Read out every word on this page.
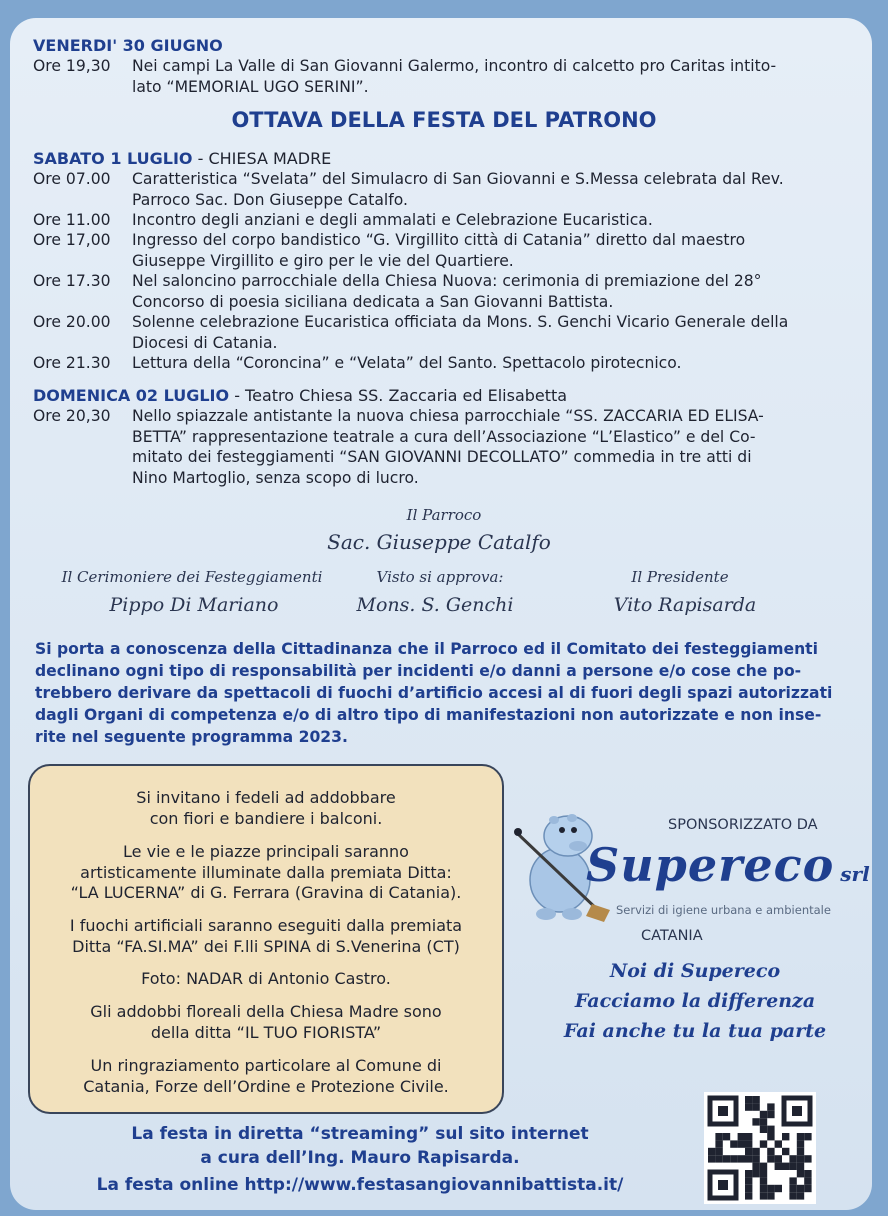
VENERDI' 30 GIUGNO
Ore 19,30	Nei campi La Valle di San Giovanni Galermo, incontro di calcetto pro Caritas intito-
lato “MEMORIAL UGO SERINI”.
OTTAVA DELLA FESTA DEL PATRONO
SABATO 1 LUGLIO - CHIESA MADRE
Ore 07.00	Caratteristica “Svelata” del Simulacro di San Giovanni e S.Messa celebrata dal Rev.
Parroco Sac. Don Giuseppe Catalfo.
Ore 11.00	Incontro degli anziani e degli ammalati e Celebrazione Eucaristica.
Ore 17,00	Ingresso del corpo bandistico “G. Virgillito città di Catania” diretto dal maestro
Giuseppe Virgillito e giro per le vie del Quartiere.
Ore 17.30	Nel saloncino parrocchiale della Chiesa Nuova: cerimonia di premiazione del 28°
Concorso di poesia siciliana dedicata a San Giovanni Battista.
Ore 20.00	Solenne celebrazione Eucaristica officiata da Mons. S. Genchi Vicario Generale della
Diocesi di Catania.
Ore 21.30	Lettura della “Coroncina” e “Velata” del Santo. Spettacolo pirotecnico.
DOMENICA 02 LUGLIO - Teatro Chiesa SS. Zaccaria ed Elisabetta
Ore 20,30	Nello spiazzale antistante la nuova chiesa parrocchiale “SS. ZACCARIA ED ELISA-
BETTA” rappresentazione teatrale a cura dell’Associazione “L’Elastico” e del Co-
mitato dei festeggiamenti “SAN GIOVANNI DECOLLATO” commedia in tre atti di
Nino Martoglio, senza scopo di lucro.
Il Parroco
Sac. Giuseppe Catalfo
Il Cerimoniere dei Festeggiamenti
Pippo Di Mariano
Visto si approva:
Mons. S. Genchi
Il Presidente
Vito Rapisarda
Si porta a conoscenza della Cittadinanza che il Parroco ed il Comitato dei festeggiamenti
declinano ogni tipo di responsabilità per incidenti e/o danni a persone e/o cose che po-
trebbero derivare da spettacoli di fuochi d’artificio accesi al di fuori degli spazi autorizzati
dagli Organi di competenza e/o di altro tipo di manifestazioni non autorizzate e non inse-
rite nel seguente programma 2023.
Si invitano i fedeli ad addobbare
con fiori e bandiere i balconi.
Le vie e le piazze principali saranno
artisticamente illuminate dalla premiata Ditta:
“LA LUCERNA” di G. Ferrara (Gravina di Catania).
I fuochi artificiali saranno eseguiti dalla premiata
Ditta “FA.SI.MA” dei F.lli SPINA di S.Venerina (CT)
Foto: NADAR di Antonio Castro.
Gli addobbi floreali della Chiesa Madre sono
della ditta “IL TUO FIORISTA”
Un ringraziamento particolare al Comune di
Catania, Forze dell’Ordine e Protezione Civile.
SPONSORIZZATO DA
Supereco srl
Servizi di igiene urbana e ambientale
CATANIA
Noi di Supereco
Facciamo la differenza
Fai anche tu la tua parte
La festa in diretta “streaming” sul sito internet
a cura dell’Ing. Mauro Rapisarda.
La festa online http://www.festasangiovannibattista.it/
